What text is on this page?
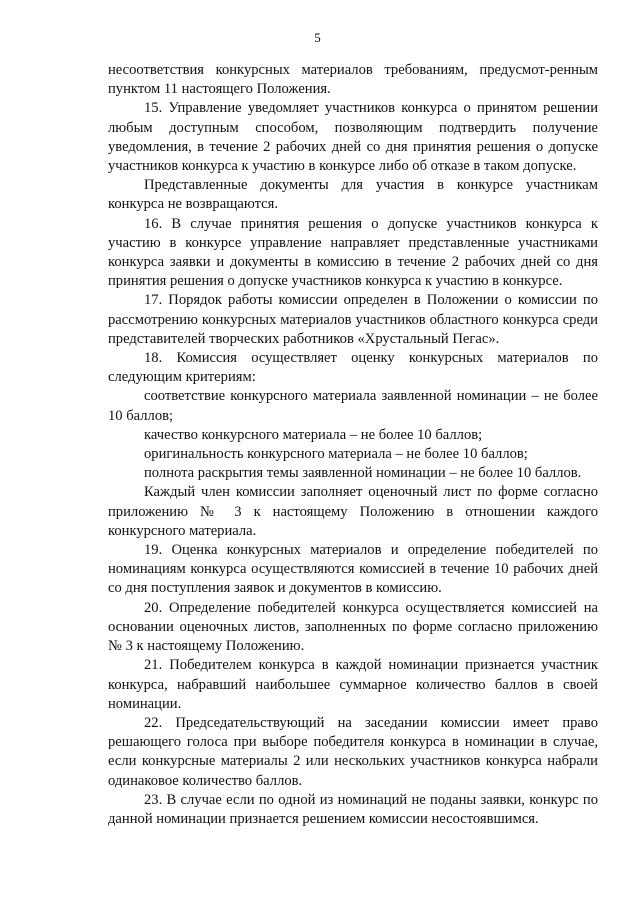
5

несоответствия конкурсных материалов требованиям, предусмот-ренным пунктом 11 настоящего Положения.

15. Управление уведомляет участников конкурса о принятом решении любым доступным способом, позволяющим подтвердить получение уведомления, в течение 2 рабочих дней со дня принятия решения о допуске участников конкурса к участию в конкурсе либо об отказе в таком допуске.

Представленные документы для участия в конкурсе участникам конкурса не возвращаются.

16. В случае принятия решения о допуске участников конкурса к участию в конкурсе управление направляет представленные участниками конкурса заявки и документы в комиссию в течение 2 рабочих дней со дня принятия решения о допуске участников конкурса к участию в конкурсе.

17. Порядок работы комиссии определен в Положении о комиссии по рассмотрению конкурсных материалов участников областного конкурса среди представителей творческих работников «Хрустальный Пегас».

18. Комиссия осуществляет оценку конкурсных материалов по следующим критериям:

соответствие конкурсного материала заявленной номинации – не более 10 баллов;

качество конкурсного материала – не более 10 баллов;

оригинальность конкурсного материала – не более 10 баллов;

полнота раскрытия темы заявленной номинации – не более 10 баллов.

Каждый член комиссии заполняет оценочный лист по форме согласно приложению № 3 к настоящему Положению в отношении каждого конкурсного материала.

19. Оценка конкурсных материалов и определение победителей по номинациям конкурса осуществляются комиссией в течение 10 рабочих дней со дня поступления заявок и документов в комиссию.

20. Определение победителей конкурса осуществляется комиссией на основании оценочных листов, заполненных по форме согласно приложению № 3 к настоящему Положению.

21. Победителем конкурса в каждой номинации признается участник конкурса, набравший наибольшее суммарное количество баллов в своей номинации.

22. Председательствующий на заседании комиссии имеет право решающего голоса при выборе победителя конкурса в номинации в случае, если конкурсные материалы 2 или нескольких участников конкурса набрали одинаковое количество баллов.

23. В случае если по одной из номинаций не поданы заявки, конкурс по данной номинации признается решением комиссии несостоявшимся.
